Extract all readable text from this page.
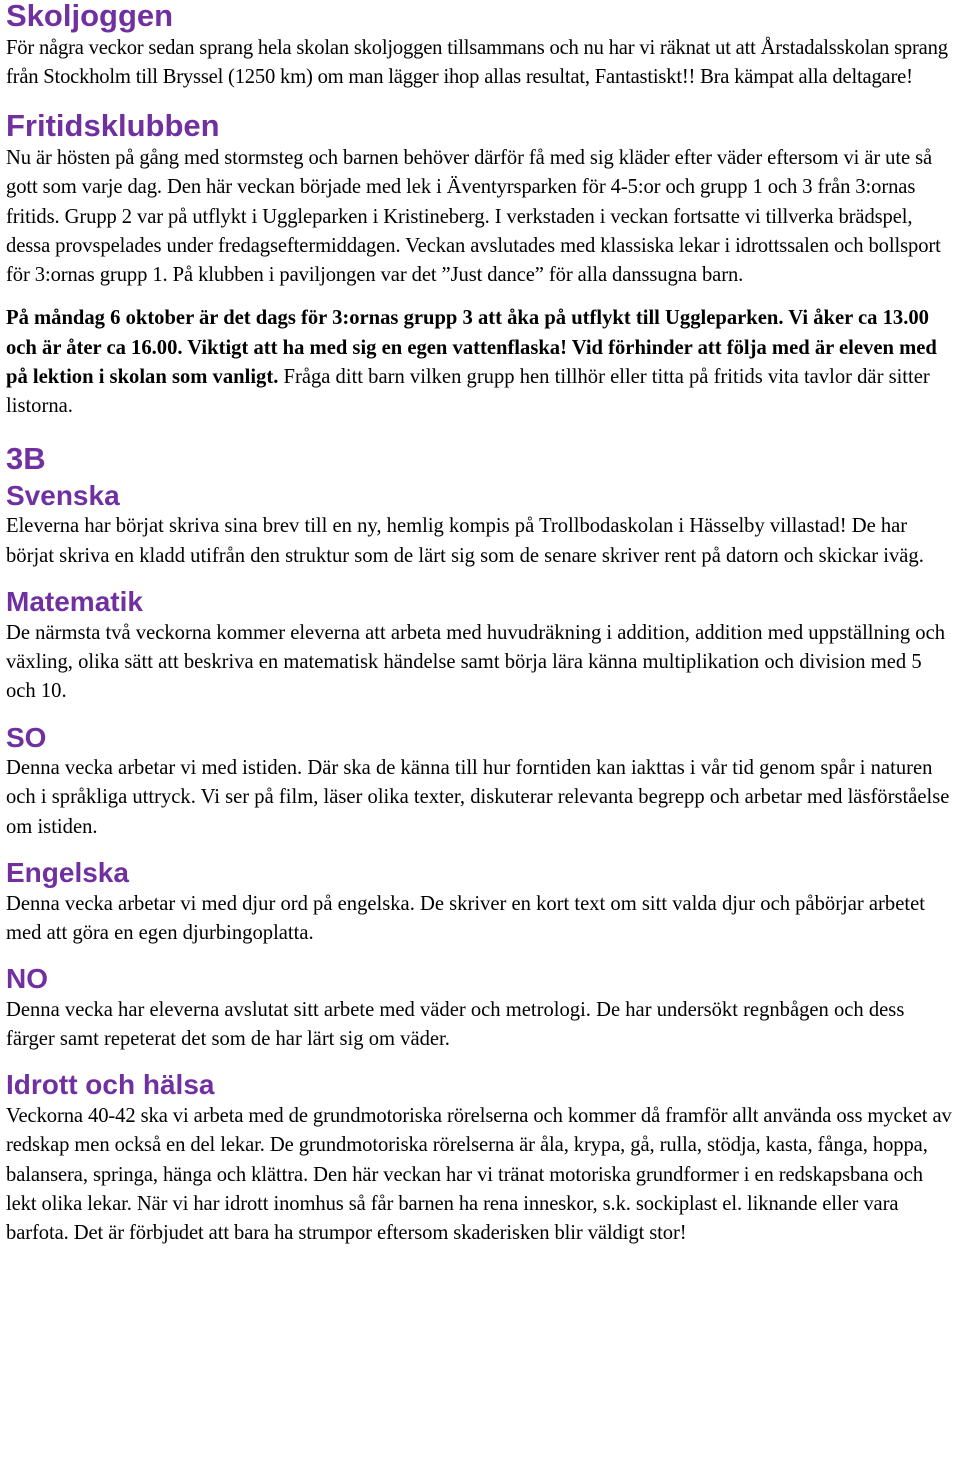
Skoljoggen

För några veckor sedan sprang hela skolan skoljoggen tillsammans och nu har vi räknat ut att Årstadalsskolan sprang från Stockholm till Bryssel (1250 km) om man lägger ihop allas resultat, Fantastiskt!! Bra kämpat alla deltagare!

Fritidsklubben

Nu är hösten på gång med stormsteg och barnen behöver därför få med sig kläder efter väder eftersom vi är ute så gott som varje dag. Den här veckan började med lek i Äventyrsparken för 4-5:or och grupp 1 och 3 från 3:ornas fritids. Grupp 2 var på utflykt i Uggleparken i Kristineberg. I verkstaden i veckan fortsatte vi tillverka brädspel, dessa provspelades under fredagseftermiddagen. Veckan avslutades med klassiska lekar i idrottssalen och bollsport för 3:ornas grupp 1. På klubben i paviljongen var det ”Just dance” för alla danssugna barn.

På måndag 6 oktober är det dags för 3:ornas grupp 3 att åka på utflykt till Uggleparken. Vi åker ca 13.00 och är åter ca 16.00. Viktigt att ha med sig en egen vattenflaska! Vid förhinder att följa med är eleven med på lektion i skolan som vanligt. Fråga ditt barn vilken grupp hen tillhör eller titta på fritids vita tavlor där sitter listorna.

3B
Svenska

Eleverna har börjat skriva sina brev till en ny, hemlig kompis på Trollbodaskolan i Hässelby villastad! De har börjat skriva en kladd utifrån den struktur som de lärt sig som de senare skriver rent på datorn och skickar iväg.

Matematik

De närmsta två veckorna kommer eleverna att arbeta med huvudräkning i addition, addition med uppställning och växling, olika sätt att beskriva en matematisk händelse samt börja lära känna multiplikation och division med 5 och 10.

SO

Denna vecka arbetar vi med istiden. Där ska de känna till hur forntiden kan iakttas i vår tid genom spår i naturen och i språkliga uttryck. Vi ser på film, läser olika texter, diskuterar relevanta begrepp och arbetar med läsförståelse om istiden.

Engelska

Denna vecka arbetar vi med djur ord på engelska. De skriver en kort text om sitt valda djur och påbörjar arbetet med att göra en egen djurbingoplatta.

NO

Denna vecka har eleverna avslutat sitt arbete med väder och metrologi. De har undersökt regnbågen och dess färger samt repeterat det som de har lärt sig om väder.

Idrott och hälsa

Veckorna 40-42 ska vi arbeta med de grundmotoriska rörelserna och kommer då framför allt använda oss mycket av redskap men också en del lekar. De grundmotoriska rörelserna är åla, krypa, gå, rulla, stödja, kasta, fånga, hoppa, balansera, springa, hänga och klättra. Den här veckan har vi tränat motoriska grundformer i en redskapsbana och lekt olika lekar. När vi har idrott inomhus så får barnen ha rena inneskor, s.k. sockiplast el. liknande eller vara barfota. Det är förbjudet att bara ha strumpor eftersom skaderisken blir väldigt stor!
